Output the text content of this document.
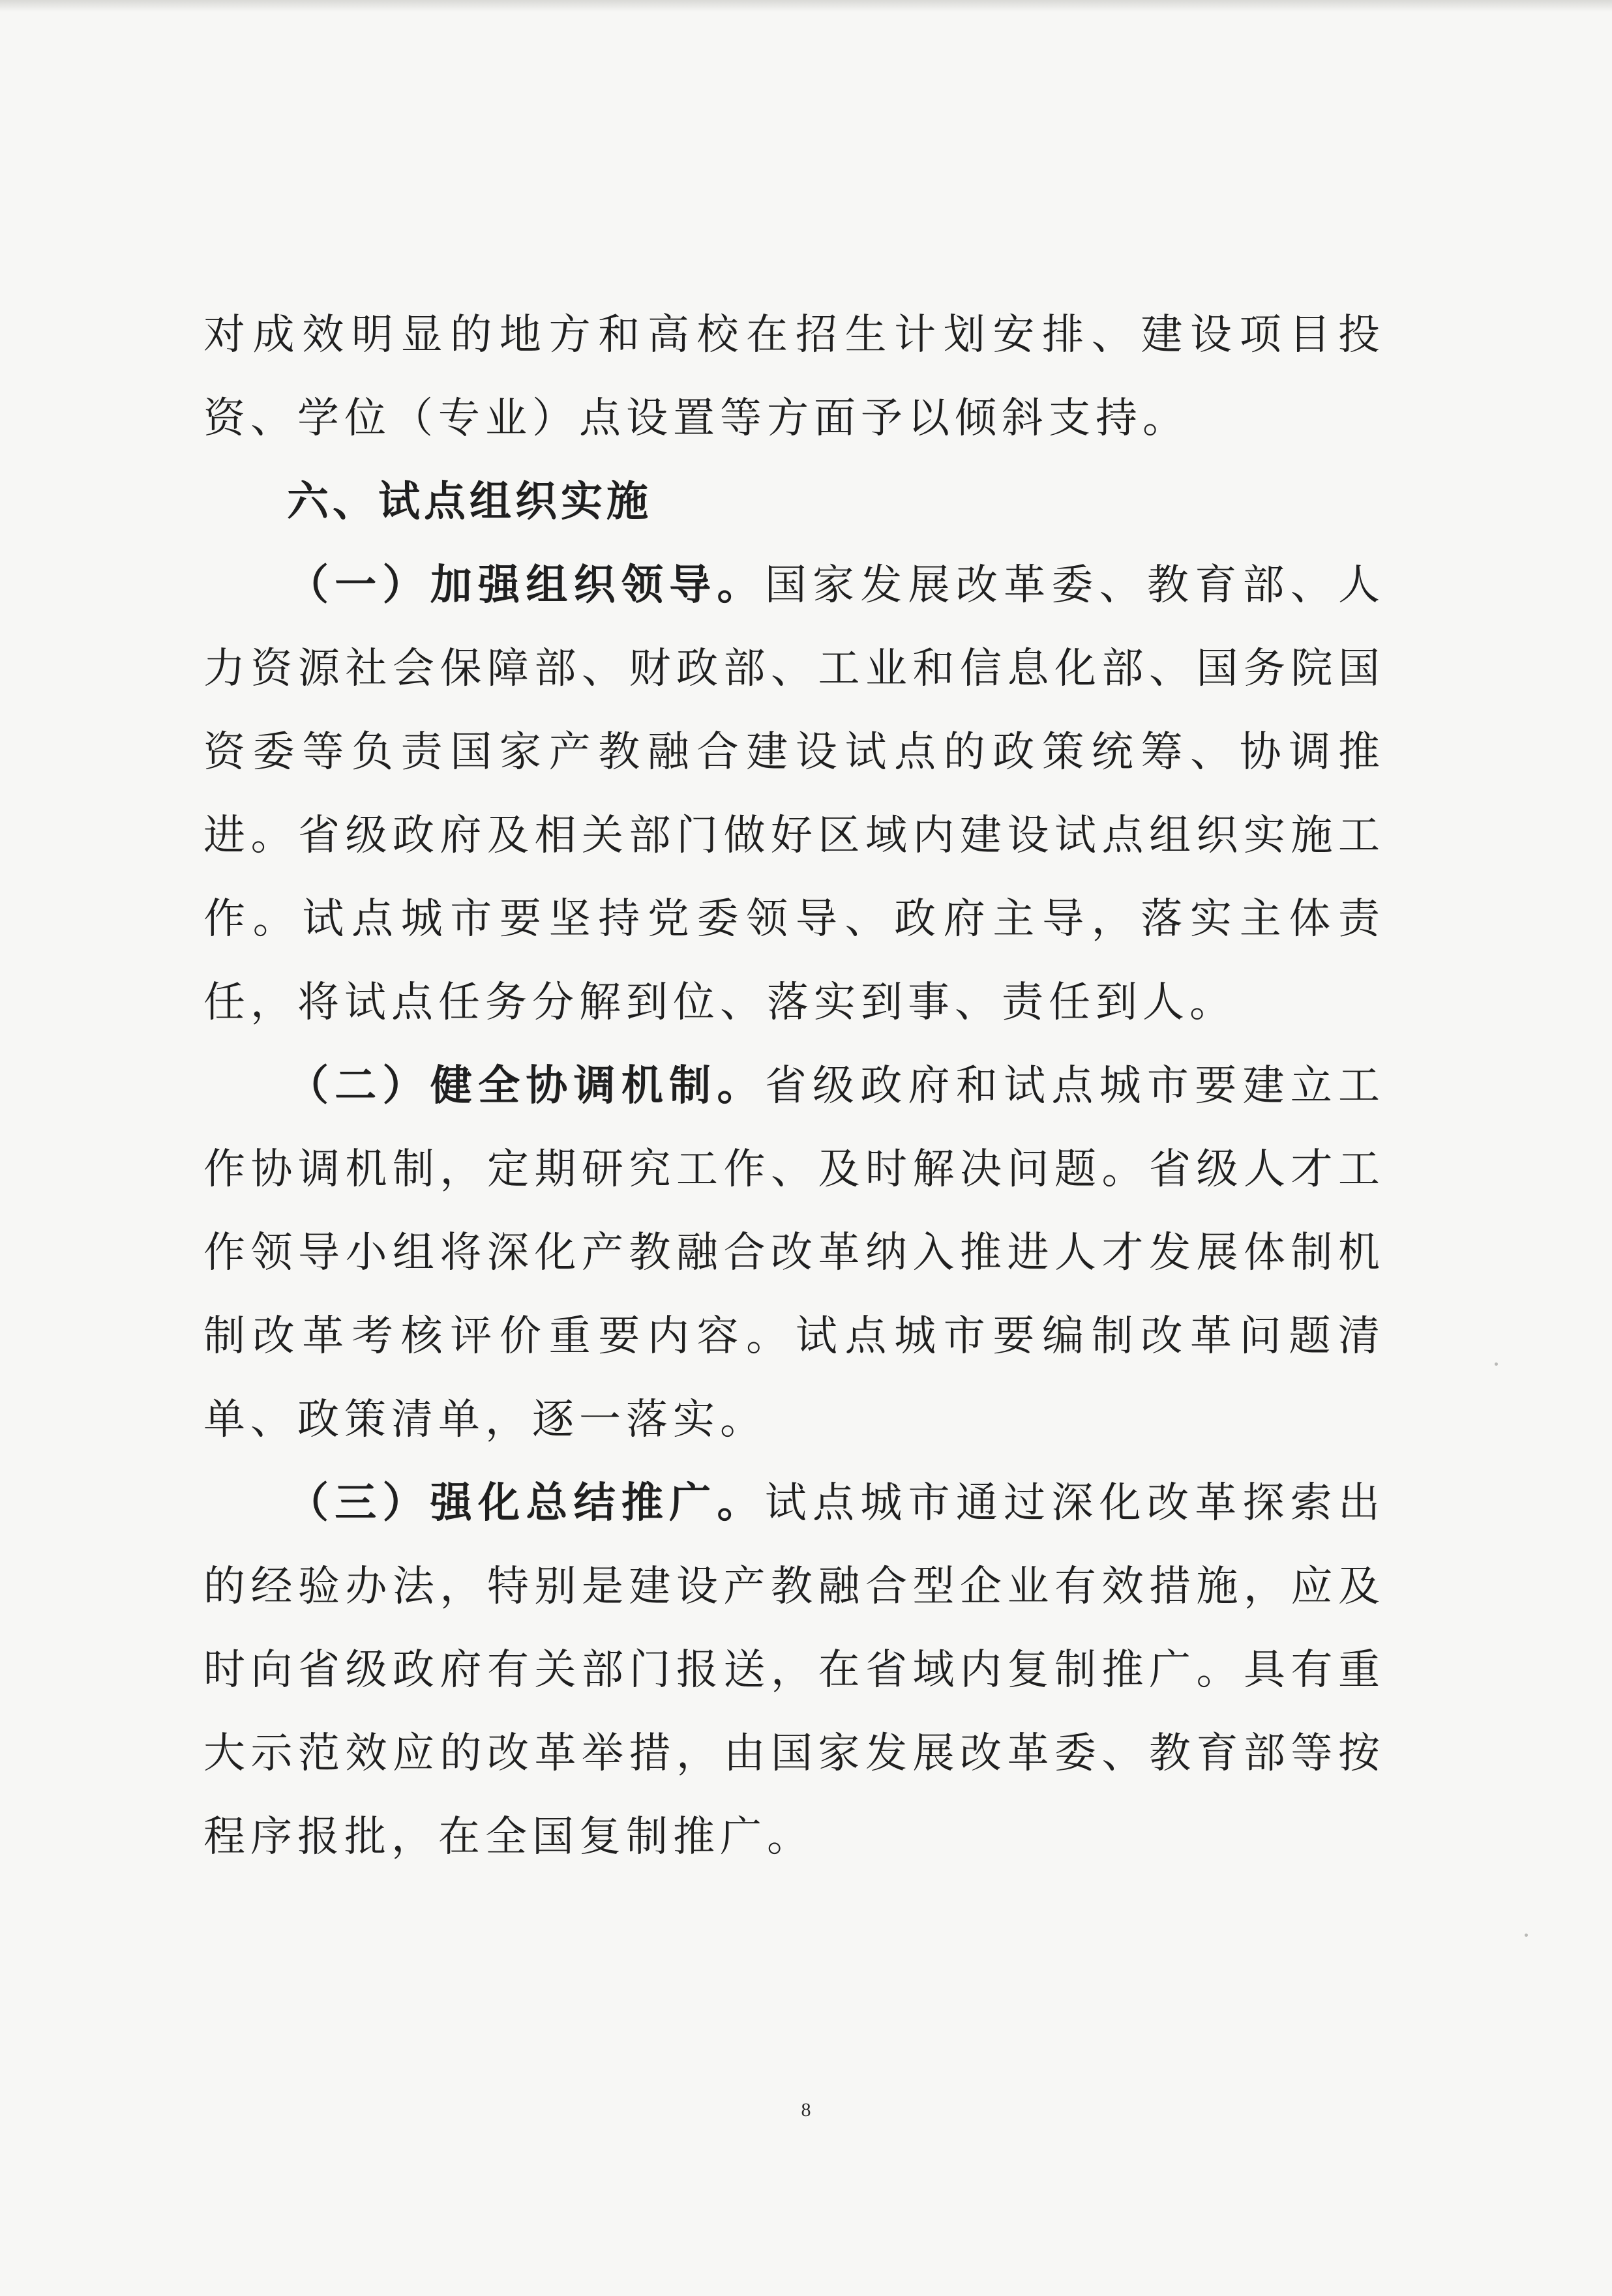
对成效明显的地方和高校在招生计划安排、建设项目投资、学位（专业）点设置等方面予以倾斜支持。

六、试点组织实施

（一）加强组织领导。国家发展改革委、教育部、人力资源社会保障部、财政部、工业和信息化部、国务院国资委等负责国家产教融合建设试点的政策统筹、协调推进。省级政府及相关部门做好区域内建设试点组织实施工作。试点城市要坚持党委领导、政府主导，落实主体责任，将试点任务分解到位、落实到事、责任到人。

（二）健全协调机制。省级政府和试点城市要建立工作协调机制，定期研究工作、及时解决问题。省级人才工作领导小组将深化产教融合改革纳入推进人才发展体制机制改革考核评价重要内容。试点城市要编制改革问题清单、政策清单，逐一落实。

（三）强化总结推广。试点城市通过深化改革探索出的经验办法，特别是建设产教融合型企业有效措施，应及时向省级政府有关部门报送，在省域内复制推广。具有重大示范效应的改革举措，由国家发展改革委、教育部等按程序报批，在全国复制推广。

8
